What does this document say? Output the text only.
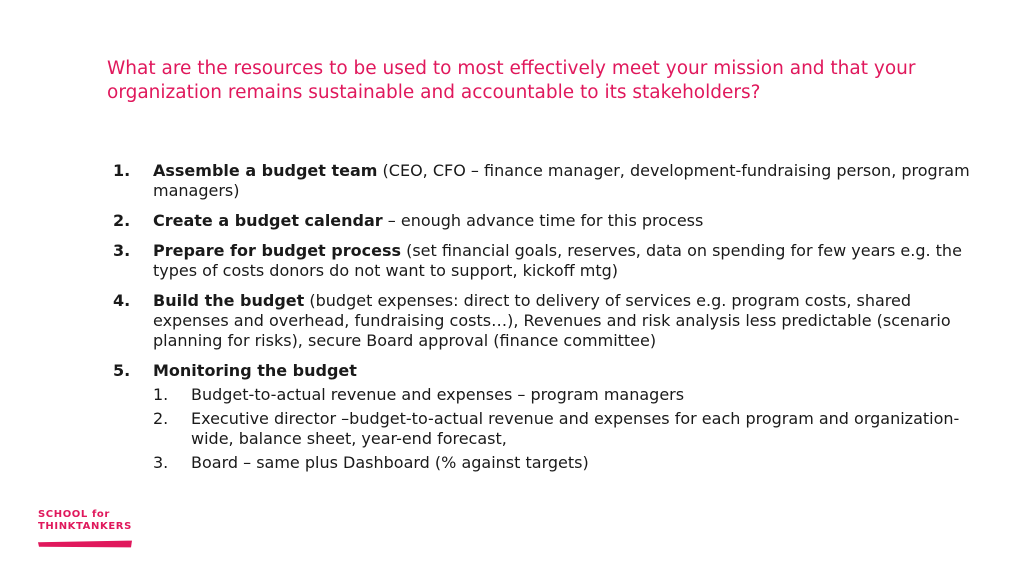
What are the resources to be used to most effectively meet your mission and that your organization remains sustainable and accountable to its stakeholders?
1. Assemble a budget team (CEO, CFO – finance manager, development-fundraising person, program managers)
2. Create a budget calendar – enough advance time for this process
3. Prepare for budget process (set financial goals, reserves, data on spending for few years e.g. the types of costs donors do not want to support, kickoff mtg)
4. Build the budget (budget expenses: direct to delivery of services e.g. program costs, shared expenses and overhead, fundraising costs…), Revenues and risk analysis less predictable (scenario planning for risks), secure Board approval (finance committee)
5. Monitoring the budget
1. Budget-to-actual revenue and expenses – program managers
2. Executive director –budget-to-actual revenue and expenses for each program and organization-wide, balance sheet, year-end forecast,
3. Board – same plus Dashboard (% against targets)
SCHOOL for
THINKTANKERS
